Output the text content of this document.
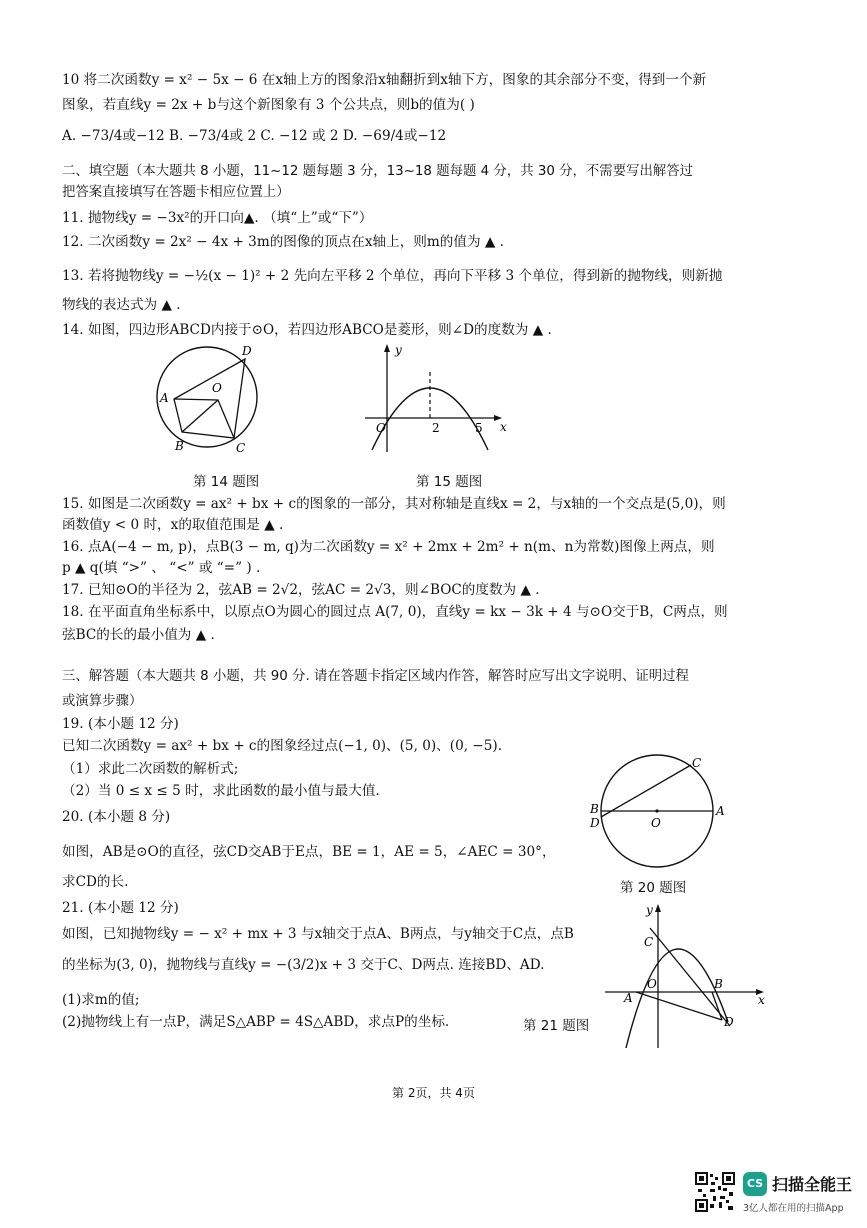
10 将二次函数y = x² − 5x − 6 在x轴上方的图象沿x轴翻折到x轴下方，图象的其余部分不变，得到一个新
图象，若直线y = 2x + b与这个新图象有 3 个公共点，则b的值为( )
A. −73/4或−12 B. −73/4或 2 C. −12 或 2 D. −69/4或−12
二、填空题（本大题共 8 小题，11~12 题每题 3 分，13~18 题每题 4 分，共 30 分，不需要写出解答过
把答案直接填写在答题卡相应位置上）
11. 抛物线y = −3x²的开口向▲. （填“上”或“下”）
12. 二次函数y = 2x² − 4x + 3m的图像的顶点在x轴上，则m的值为 ▲ .
13. 若将抛物线y = −½(x − 1)² + 2 先向左平移 2 个单位，再向下平移 3 个单位，得到新的抛物线，则新抛
物线的表达式为 ▲ .
14. 如图，四边形ABCD内接于⊙O，若四边形ABCO是菱形，则∠D的度数为 ▲ .
A
B	C
D
O
第 14 题图
y
x
O	2	5
第 15 题图
15. 如图是二次函数y = ax² + bx + c的图象的一部分，其对称轴是直线x = 2，与x轴的一个交点是(5,0)，则
函数值y < 0 时，x的取值范围是 ▲ .
16. 点A(−4 − m, p)，点B(3 − m, q)为二次函数y = x² + 2mx + 2m² + n(m、n为常数)图像上两点，则
p ▲ q(填 “>” 、 “<” 或 “=” ) .
17. 已知⊙O的半径为 2，弦AB = 2√2，弦AC = 2√3，则∠BOC的度数为 ▲ .
18. 在平面直角坐标系中，以原点O为圆心的圆过点 A(7, 0)，直线y = kx − 3k + 4 与⊙O交于B，C两点，则
弦BC的长的最小值为 ▲ .
三、解答题（本大题共 8 小题，共 90 分. 请在答题卡指定区域内作答，解答时应写出文字说明、证明过程
或演算步骤）
19. (本小题 12 分)
已知二次函数y = ax² + bx + c的图象经过点(−1, 0)、(5, 0)、(0, −5).
（1）求此二次函数的解析式;
（2）当 0 ≤ x ≤ 5 时，求此函数的最小值与最大值.
20. (本小题 8 分)
如图，AB是⊙O的直径，弦CD交AB于E点，BE = 1，AE = 5，∠AEC = 30°，
求CD的长.
A
B
C
D	O
第 20 题图
21. (本小题 12 分)
如图，已知抛物线y = − x² + mx + 3 与x轴交于点A、B两点，与y轴交于C点，点B
的坐标为(3, 0)，抛物线与直线y = −(3/2)x + 3 交于C、D两点. 连接BD、AD.
(1)求m的值;
(2)抛物线上有一点P，满足S△ABP = 4S△ABD，求点P的坐标.	第 21 题图
y
x
A
B
C
D
O
第 2页，共 4页
CS 扫描全能王
3亿人都在用的扫描App
